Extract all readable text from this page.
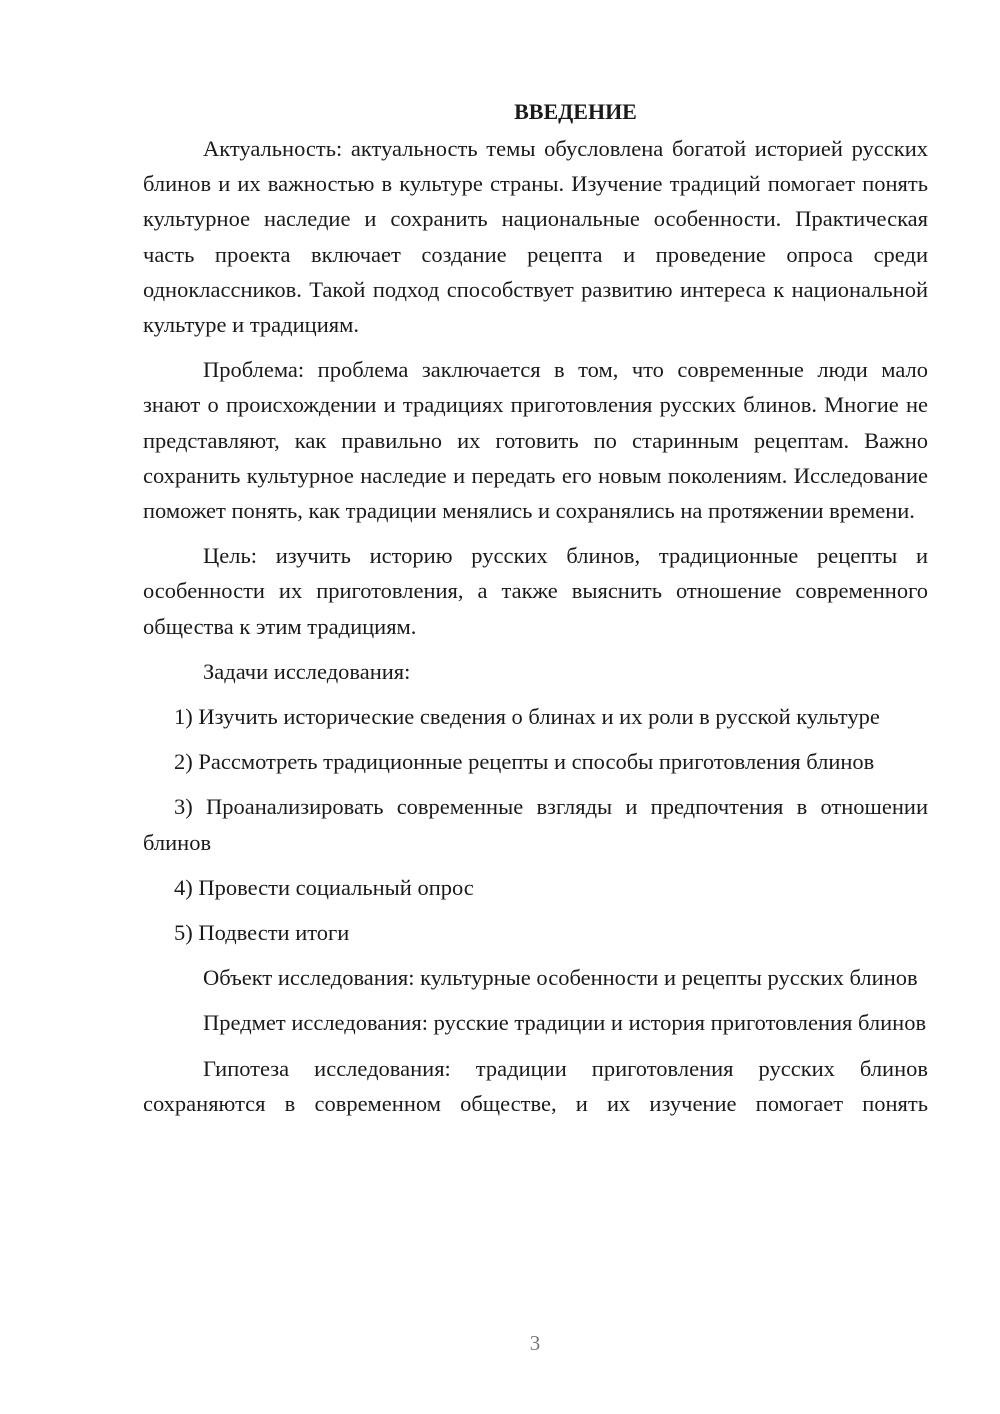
ВВЕДЕНИЕ

Актуальность: актуальность темы обусловлена богатой историей русских блинов и их важностью в культуре страны. Изучение традиций помогает понять культурное наследие и сохранить национальные особенности. Практическая часть проекта включает создание рецепта и проведение опроса среди одноклассников. Такой подход способствует развитию интереса к национальной культуре и традициям.

Проблема: проблема заключается в том, что современные люди мало знают о происхождении и традициях приготовления русских блинов. Многие не представляют, как правильно их готовить по старинным рецептам. Важно сохранить культурное наследие и передать его новым поколениям. Исследование поможет понять, как традиции менялись и сохранялись на протяжении времени.

Цель: изучить историю русских блинов, традиционные рецепты и особенности их приготовления, а также выяснить отношение современного общества к этим традициям.

Задачи исследования:

1) Изучить исторические сведения о блинах и их роли в русской культуре

2) Рассмотреть традиционные рецепты и способы приготовления блинов

3) Проанализировать современные взгляды и предпочтения в отношении блинов

4) Провести социальный опрос

5) Подвести итоги

Объект исследования: культурные особенности и рецепты русских блинов

Предмет исследования: русские традиции и история приготовления блинов

Гипотеза исследования: традиции приготовления русских блинов сохраняются в современном обществе, и их изучение помогает понять

3
